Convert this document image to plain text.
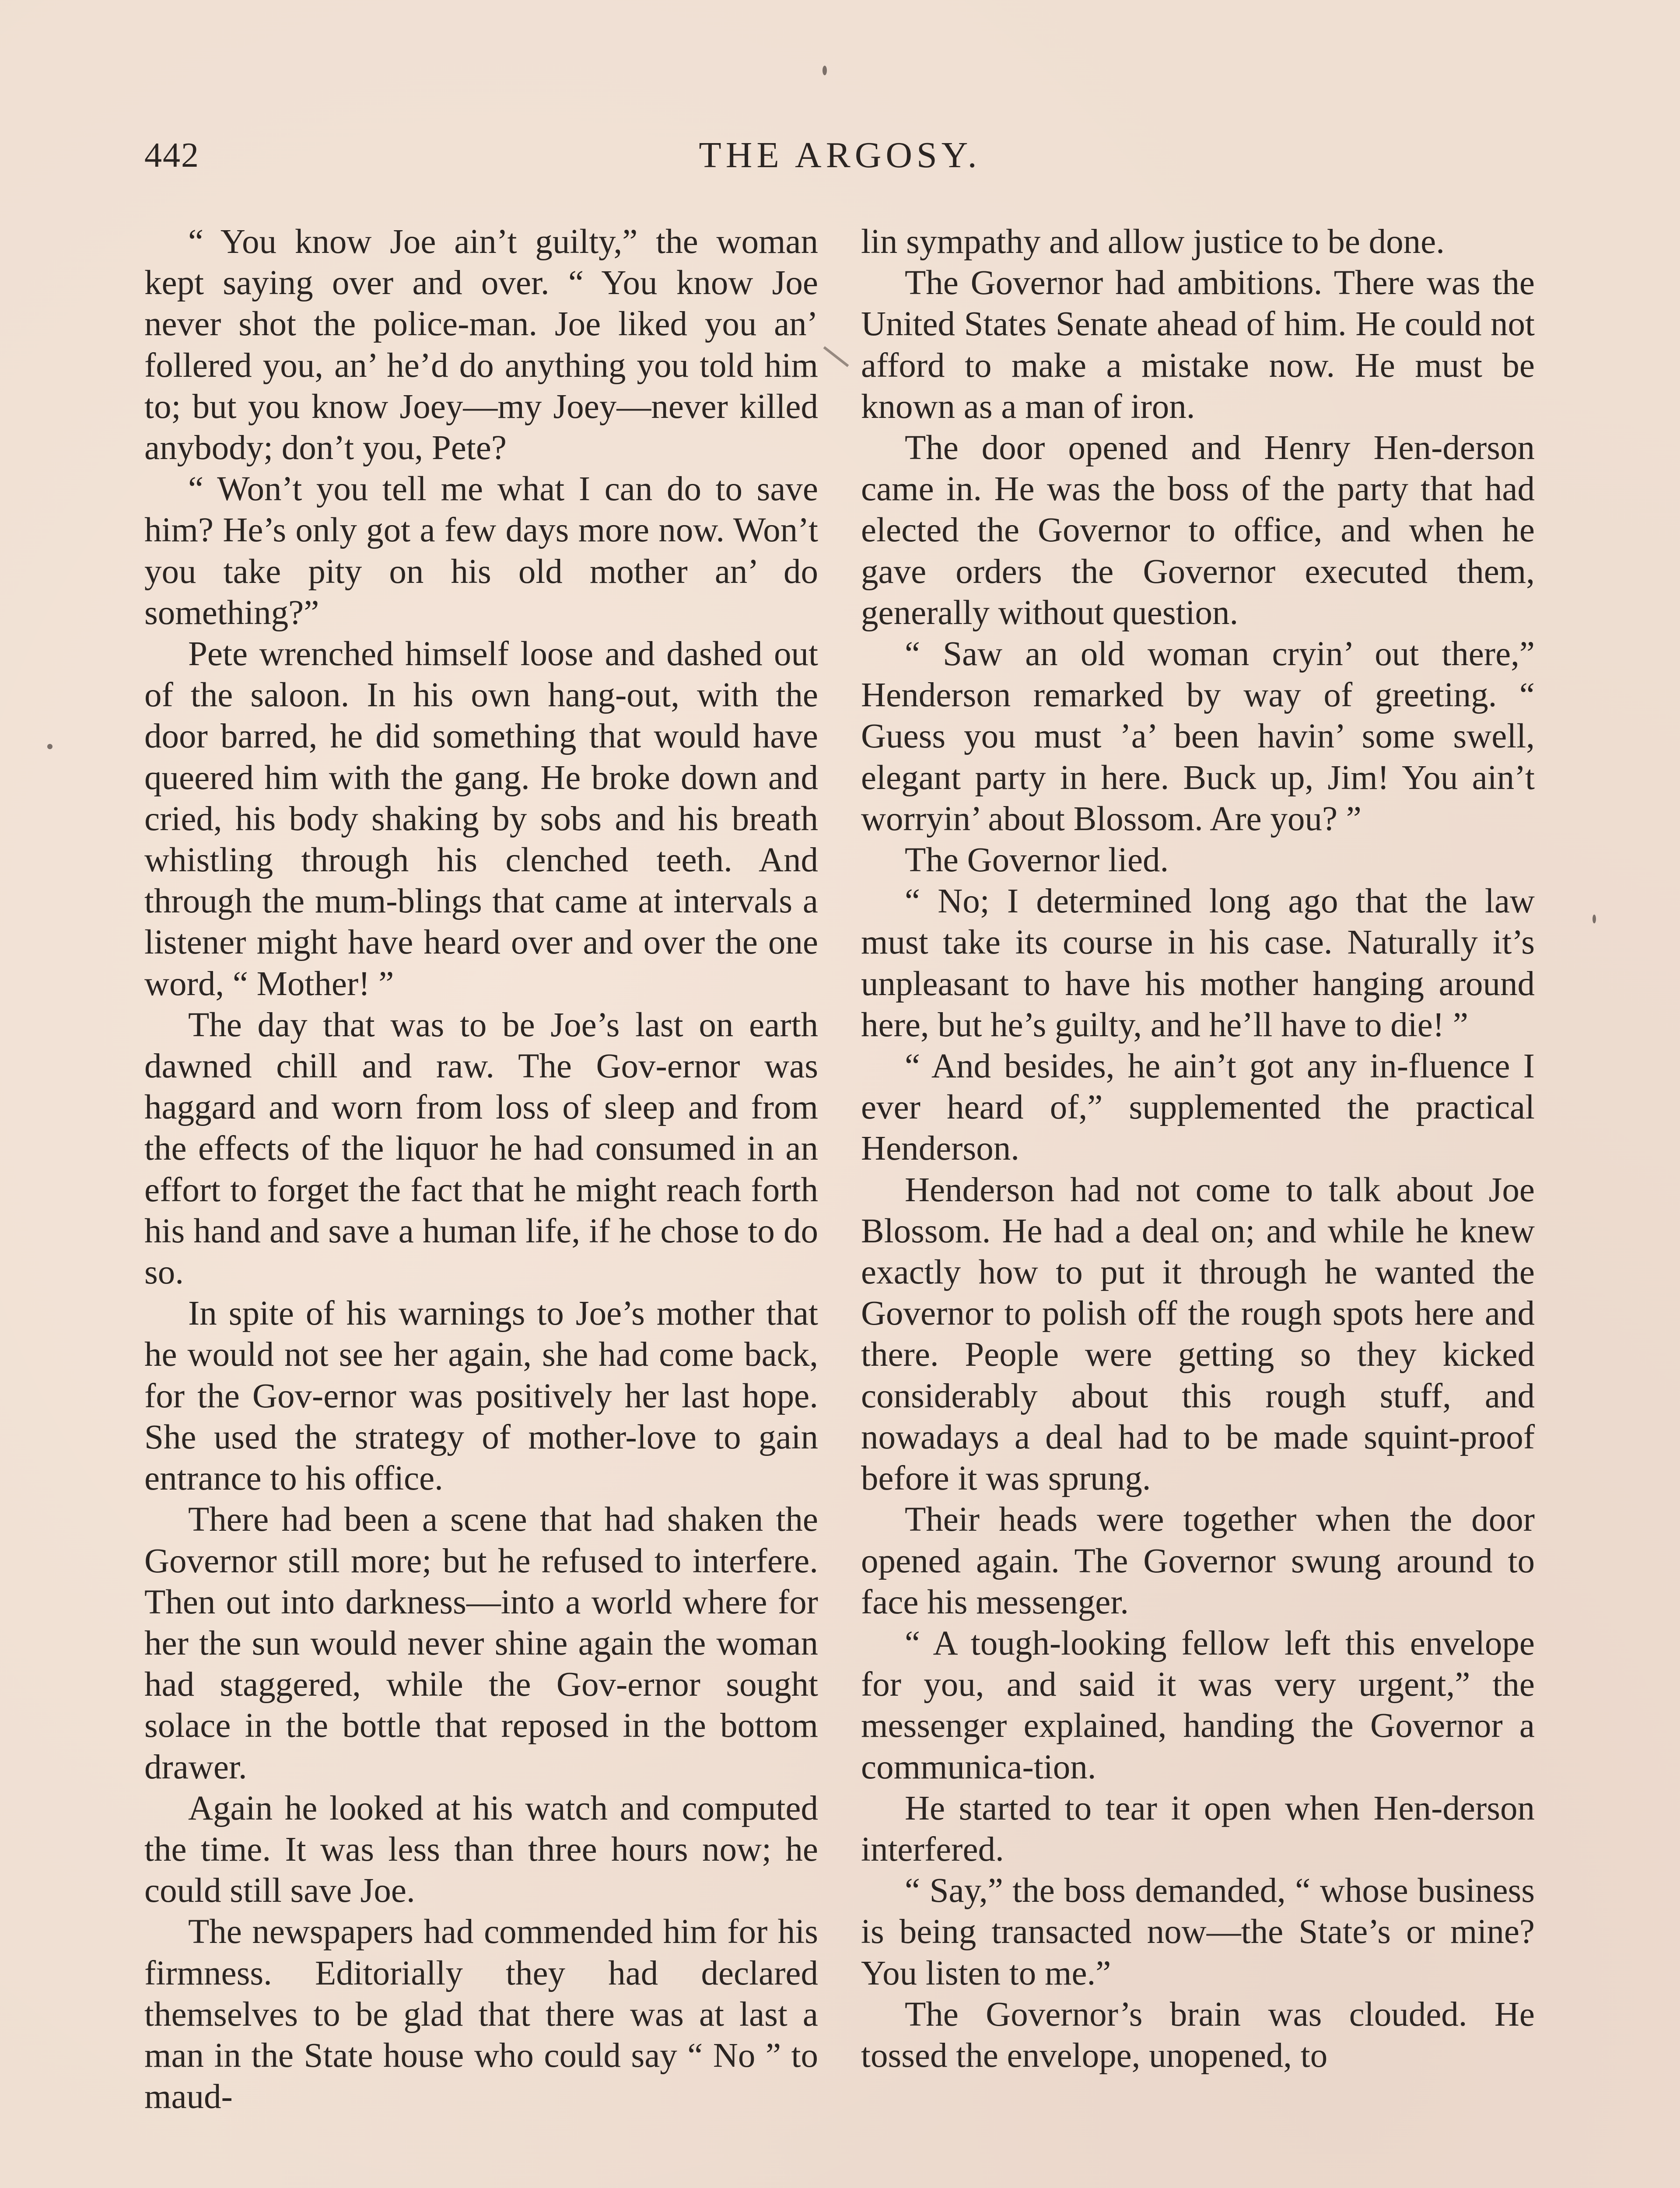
442	THE ARGOSY.

“ You know Joe ain’t guilty,” the woman kept saying over and over. “ You know Joe never shot the police-man. Joe liked you an’ follered you, an’ he’d do anything you told him to; but you know Joey—my Joey—never killed anybody; don’t you, Pete?

“ Won’t you tell me what I can do to save him? He’s only got a few days more now. Won’t you take pity on his old mother an’ do something?”

Pete wrenched himself loose and dashed out of the saloon. In his own hang-out, with the door barred, he did something that would have queered him with the gang. He broke down and cried, his body shaking by sobs and his breath whistling through his clenched teeth. And through the mum-blings that came at intervals a listener might have heard over and over the one word, “ Mother! ”

The day that was to be Joe’s last on earth dawned chill and raw. The Gov-ernor was haggard and worn from loss of sleep and from the effects of the liquor he had consumed in an effort to forget the fact that he might reach forth his hand and save a human life, if he chose to do so.

In spite of his warnings to Joe’s mother that he would not see her again, she had come back, for the Gov-ernor was positively her last hope. She used the strategy of mother-love to gain entrance to his office.

There had been a scene that had shaken the Governor still more; but he refused to interfere. Then out into darkness—into a world where for her the sun would never shine again the woman had staggered, while the Gov-ernor sought solace in the bottle that reposed in the bottom drawer.

Again he looked at his watch and computed the time. It was less than three hours now; he could still save Joe.

The newspapers had commended him for his firmness. Editorially they had declared themselves to be glad that there was at last a man in the State house who could say “ No ” to maud-

lin sympathy and allow justice to be done.

The Governor had ambitions. There was the United States Senate ahead of him. He could not afford to make a mistake now. He must be known as a man of iron.

The door opened and Henry Hen-derson came in. He was the boss of the party that had elected the Governor to office, and when he gave orders the Governor executed them, generally without question.

“ Saw an old woman cryin’ out there,” Henderson remarked by way of greeting. “ Guess you must ’a’ been havin’ some swell, elegant party in here. Buck up, Jim! You ain’t worryin’ about Blossom. Are you? ”

The Governor lied.

“ No; I determined long ago that the law must take its course in his case. Naturally it’s unpleasant to have his mother hanging around here, but he’s guilty, and he’ll have to die! ”

“ And besides, he ain’t got any in-fluence I ever heard of,” supplemented the practical Henderson.

Henderson had not come to talk about Joe Blossom. He had a deal on; and while he knew exactly how to put it through he wanted the Governor to polish off the rough spots here and there. People were getting so they kicked considerably about this rough stuff, and nowadays a deal had to be made squint-proof before it was sprung.

Their heads were together when the door opened again. The Governor swung around to face his messenger.

“ A tough-looking fellow left this envelope for you, and said it was very urgent,” the messenger explained, handing the Governor a communica-tion.

He started to tear it open when Hen-derson interfered.

“ Say,” the boss demanded, “ whose business is being transacted now—the State’s or mine? You listen to me.”

The Governor’s brain was clouded. He tossed the envelope, unopened, to
